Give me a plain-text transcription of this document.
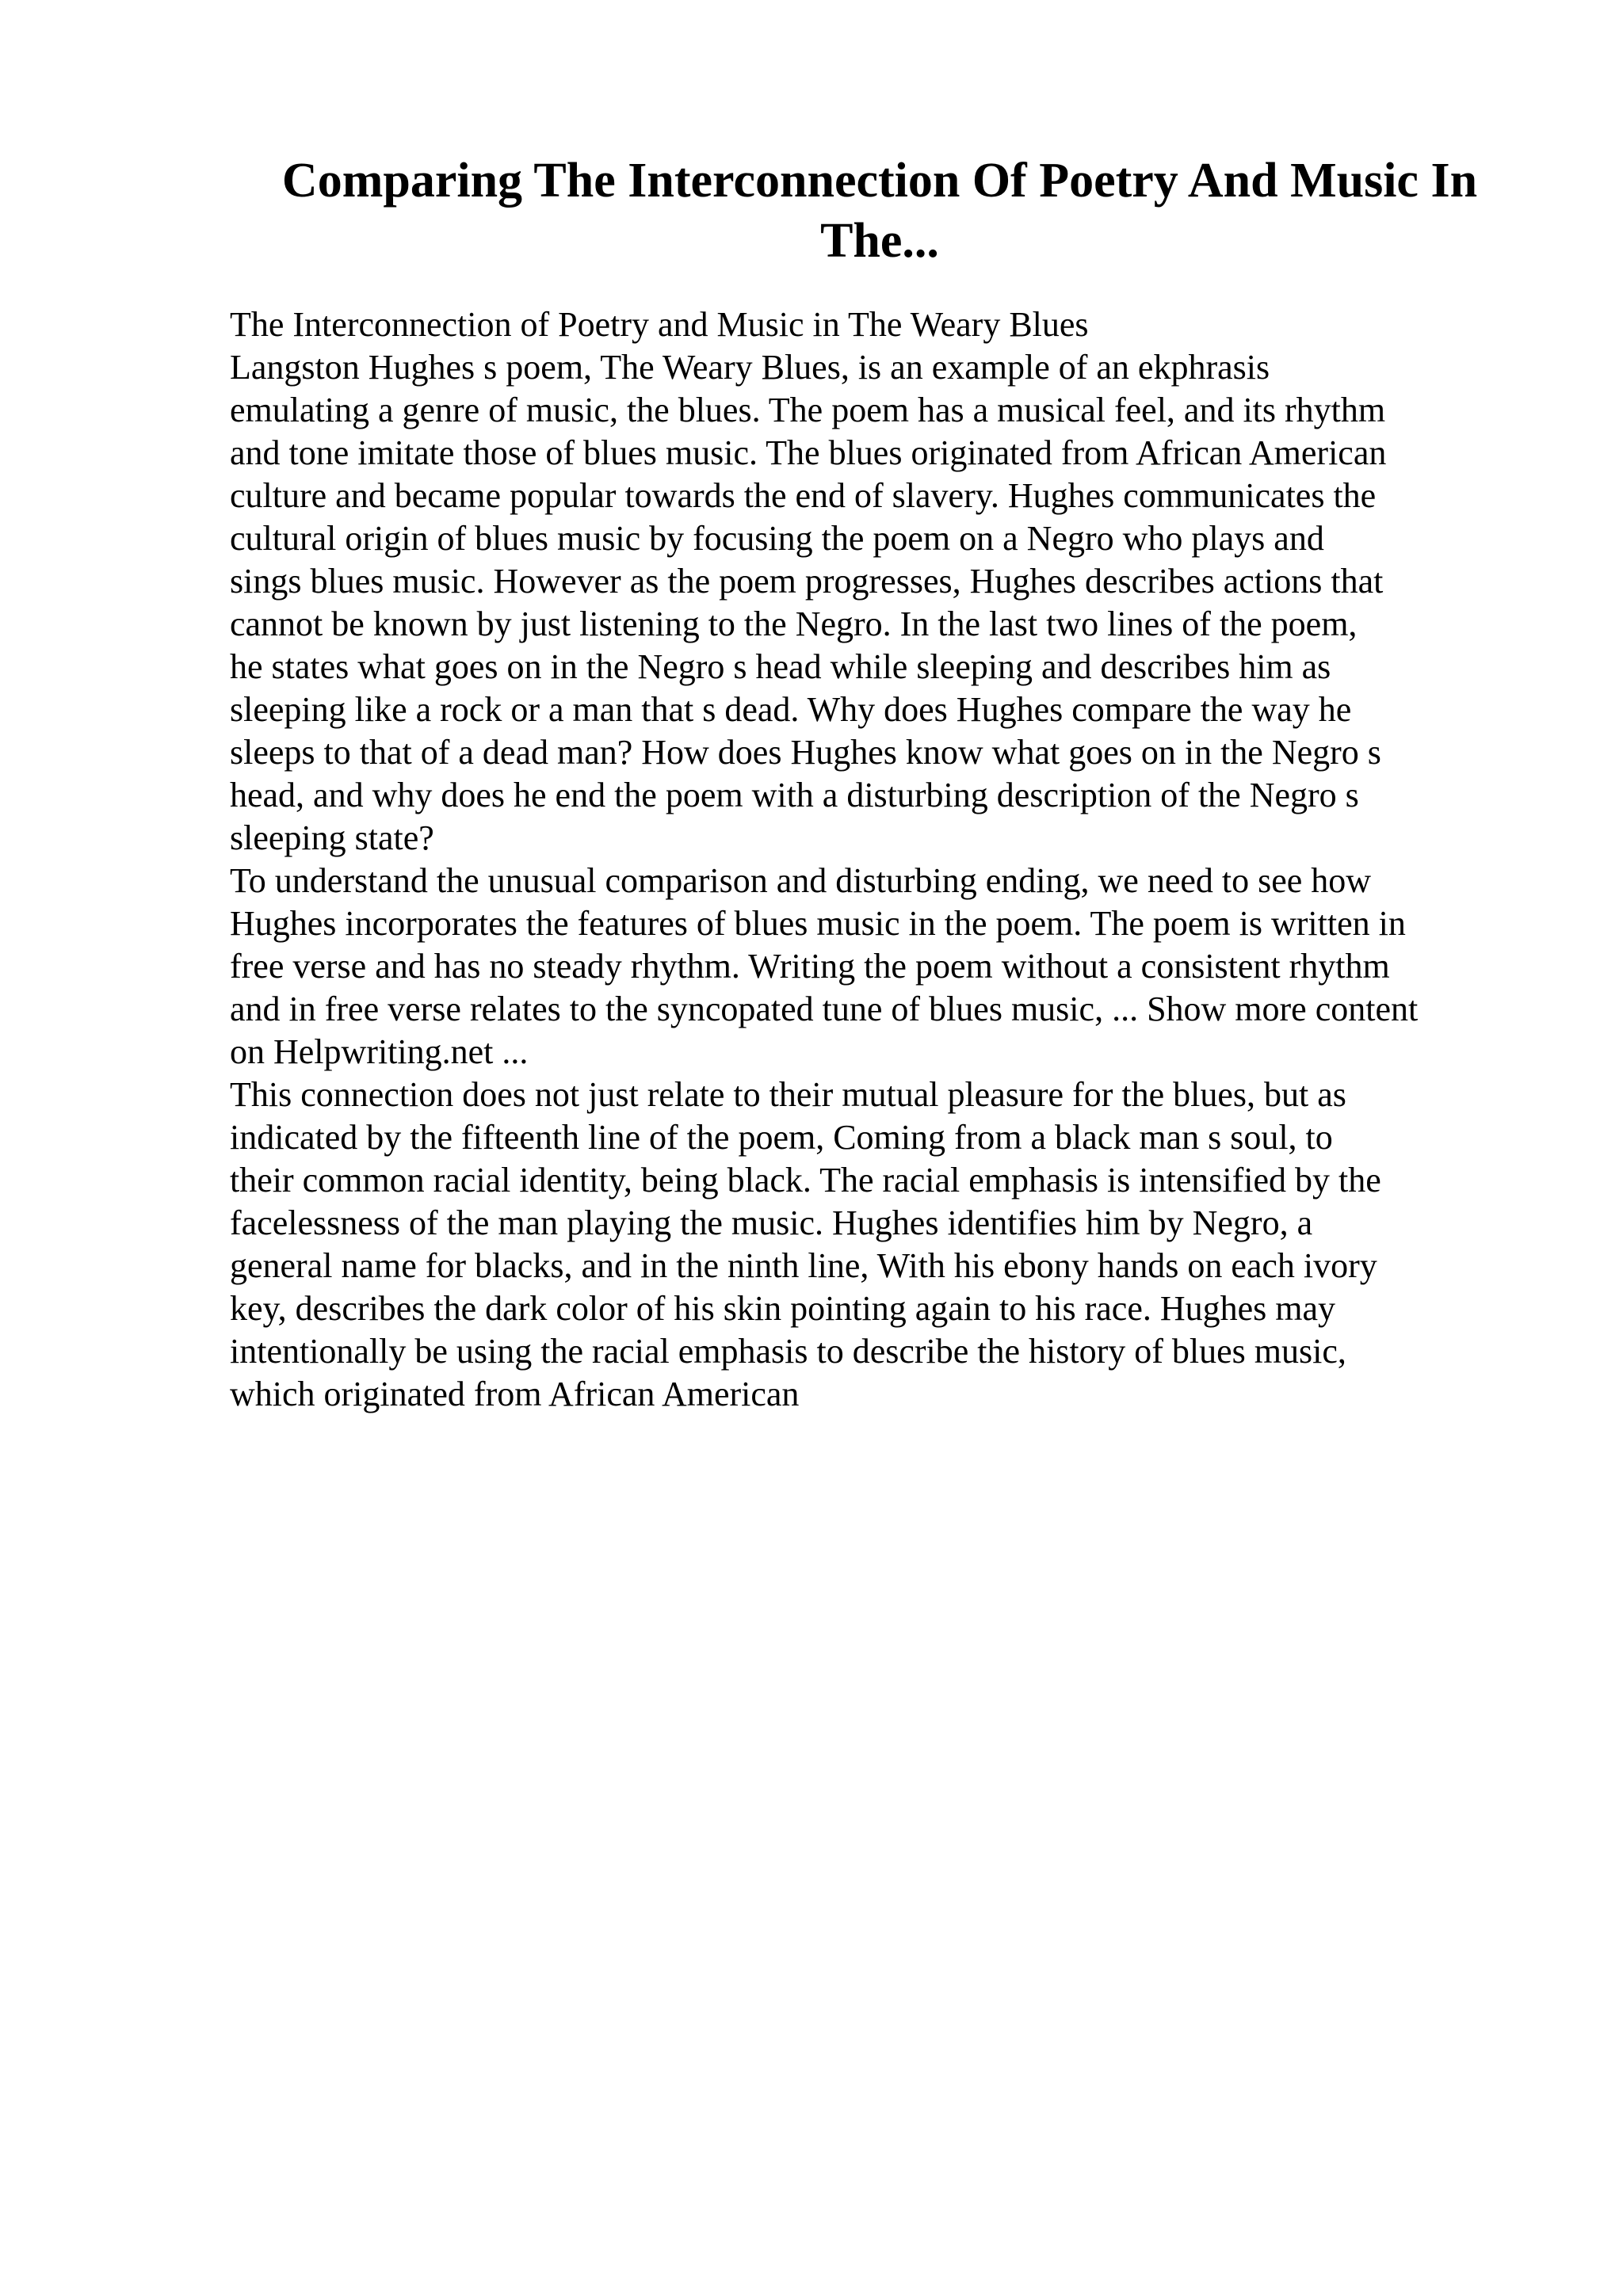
Comparing The Interconnection Of Poetry And Music In The...
The Interconnection of Poetry and Music in The Weary Blues
Langston Hughes s poem, The Weary Blues, is an example of an ekphrasis
emulating a genre of music, the blues. The poem has a musical feel, and its rhythm
and tone imitate those of blues music. The blues originated from African American
culture and became popular towards the end of slavery. Hughes communicates the
cultural origin of blues music by focusing the poem on a Negro who plays and
sings blues music. However as the poem progresses, Hughes describes actions that
cannot be known by just listening to the Negro. In the last two lines of the poem,
he states what goes on in the Negro s head while sleeping and describes him as
sleeping like a rock or a man that s dead. Why does Hughes compare the way he
sleeps to that of a dead man? How does Hughes know what goes on in the Negro s
head, and why does he end the poem with a disturbing description of the Negro s
sleeping state?
To understand the unusual comparison and disturbing ending, we need to see how
Hughes incorporates the features of blues music in the poem. The poem is written in
free verse and has no steady rhythm. Writing the poem without a consistent rhythm
and in free verse relates to the syncopated tune of blues music, ... Show more content
on Helpwriting.net ...
This connection does not just relate to their mutual pleasure for the blues, but as
indicated by the fifteenth line of the poem, Coming from a black man s soul, to
their common racial identity, being black. The racial emphasis is intensified by the
facelessness of the man playing the music. Hughes identifies him by Negro, a
general name for blacks, and in the ninth line, With his ebony hands on each ivory
key, describes the dark color of his skin pointing again to his race. Hughes may
intentionally be using the racial emphasis to describe the history of blues music,
which originated from African American
